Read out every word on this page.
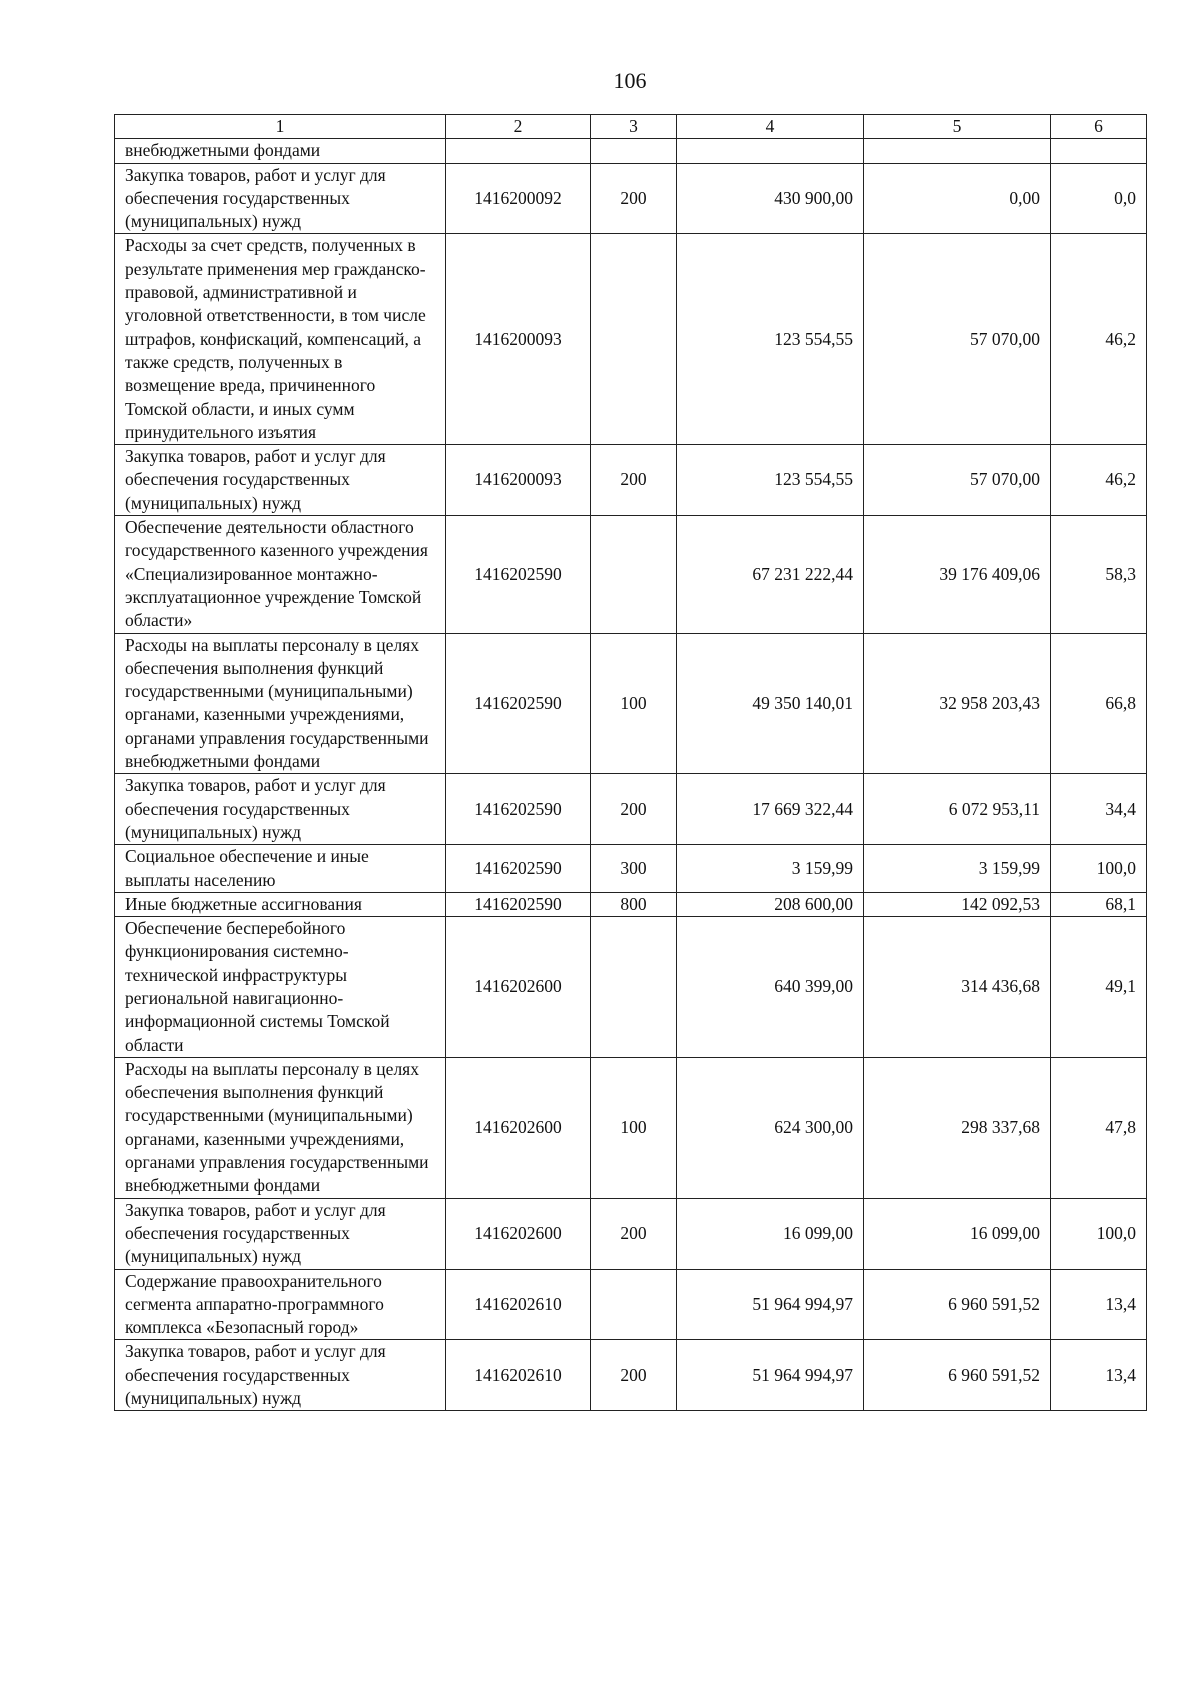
106
1	2	3	4	5	6
внебюджетными фондами					
Закупка товаров, работ и услуг для обеспечения государственных (муниципальных) нужд	1416200092	200	430 900,00	0,00	0,0
Расходы за счет средств, полученных в результате применения мер гражданско-правовой, административной и уголовной ответственности, в том числе штрафов, конфискаций, компенсаций, а также средств, полученных в возмещение вреда, причиненного Томской области, и иных сумм принудительного изъятия	1416200093		123 554,55	57 070,00	46,2
Закупка товаров, работ и услуг для обеспечения государственных (муниципальных) нужд	1416200093	200	123 554,55	57 070,00	46,2
Обеспечение деятельности областного государственного казенного учреждения «Специализированное монтажно-эксплуатационное учреждение Томской области»	1416202590		67 231 222,44	39 176 409,06	58,3
Расходы на выплаты персоналу в целях обеспечения выполнения функций государственными (муниципальными) органами, казенными учреждениями, органами управления государственными внебюджетными фондами	1416202590	100	49 350 140,01	32 958 203,43	66,8
Закупка товаров, работ и услуг для обеспечения государственных (муниципальных) нужд	1416202590	200	17 669 322,44	6 072 953,11	34,4
Социальное обеспечение и иные выплаты населению	1416202590	300	3 159,99	3 159,99	100,0
Иные бюджетные ассигнования	1416202590	800	208 600,00	142 092,53	68,1
Обеспечение бесперебойного функционирования системно-технической инфраструктуры региональной навигационно-информационной системы Томской области	1416202600		640 399,00	314 436,68	49,1
Расходы на выплаты персоналу в целях обеспечения выполнения функций государственными (муниципальными) органами, казенными учреждениями, органами управления государственными внебюджетными фондами	1416202600	100	624 300,00	298 337,68	47,8
Закупка товаров, работ и услуг для обеспечения государственных (муниципальных) нужд	1416202600	200	16 099,00	16 099,00	100,0
Содержание правоохранительного сегмента аппаратно-программного комплекса «Безопасный город»	1416202610		51 964 994,97	6 960 591,52	13,4
Закупка товаров, работ и услуг для обеспечения государственных (муниципальных) нужд	1416202610	200	51 964 994,97	6 960 591,52	13,4
